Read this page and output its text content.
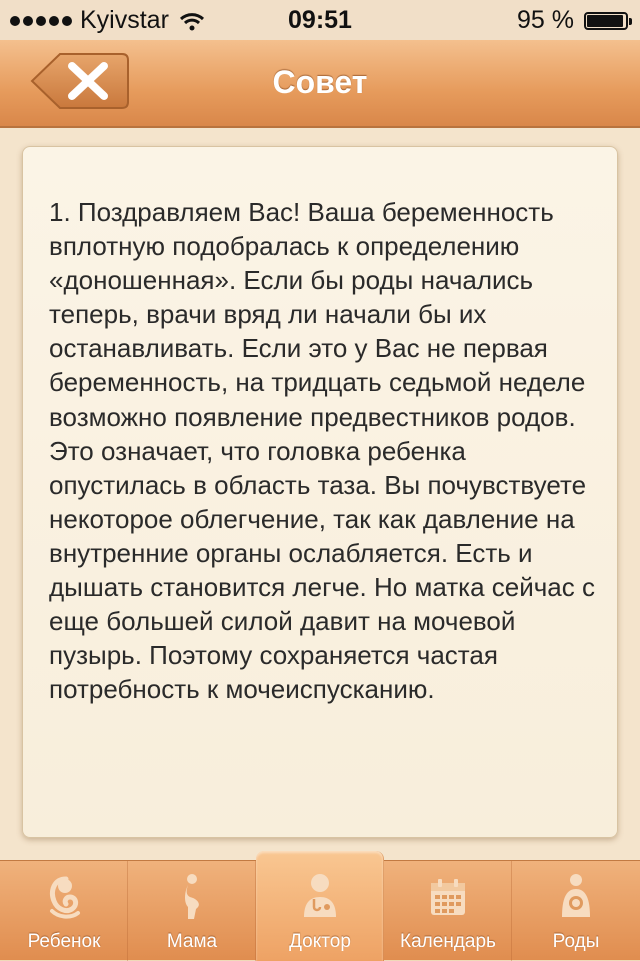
Kyivstar	09:51	95 %
Совет

1. Поздравляем Вас! Ваша беременность вплотную подобралась к определению «доношенная». Если бы роды начались теперь, врачи вряд ли начали бы их останавливать. Если это у Вас не первая беременность, на тридцать седьмой неделе возможно появление предвестников родов. Это означает, что головка ребенка опустилась в область таза. Вы почувствуете некоторое облегчение, так как давление на внутренние органы ослабляется. Есть и дышать становится легче. Но матка сейчас с еще большей силой давит на мочевой пузырь. Поэтому сохраняется частая потребность к мочеиспусканию.

Ребенок	Мама	Доктор	Календарь	Роды
